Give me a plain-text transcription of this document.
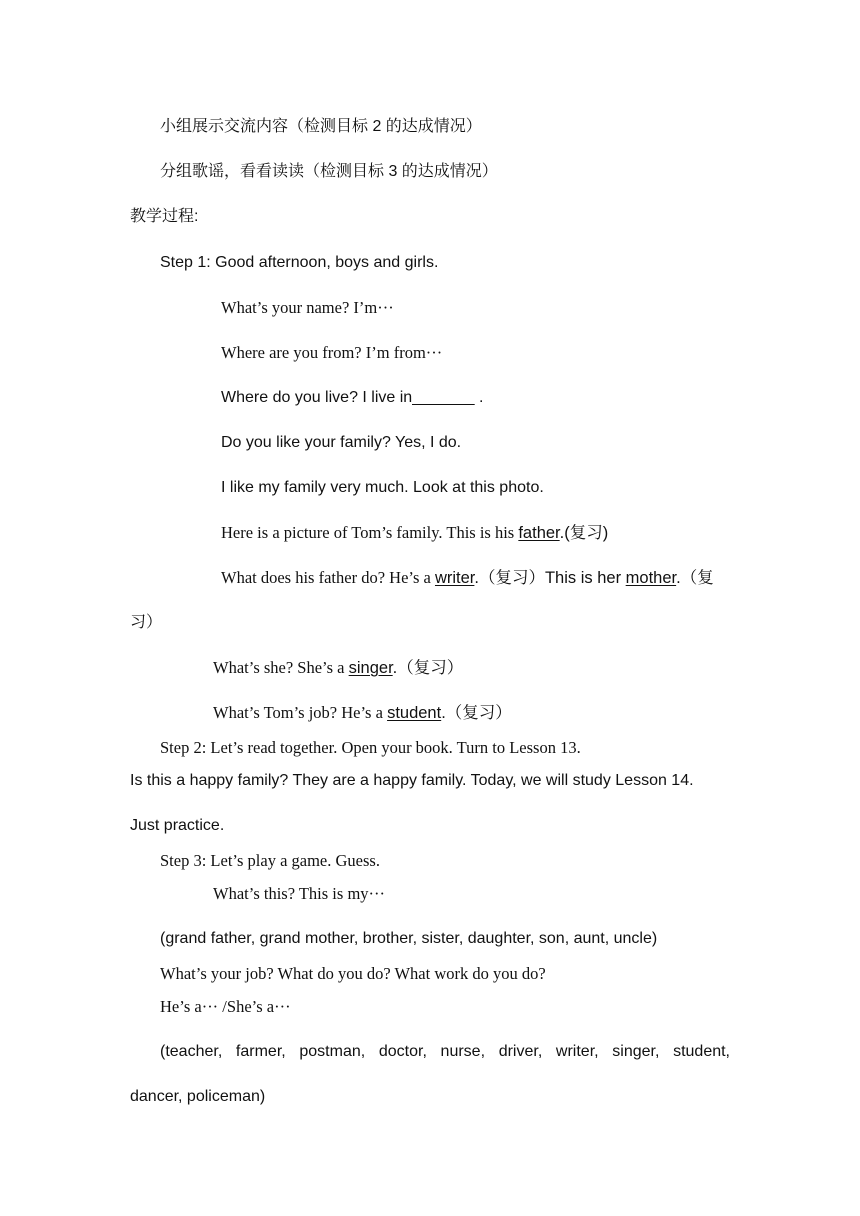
小组展示交流内容（检测目标 2 的达成情况）
分组歌谣，看看读读（检测目标 3 的达成情况）
教学过程:
Step 1: Good afternoon, boys and girls.
What’s your name? I’m···
Where are you from? I’m from···
Where do you live? I live in_______ .
Do you like your family? Yes, I do.
I like my family very much. Look at this photo.
Here is a picture of Tom’s family. This is his father.(复习)
What does his father do? He’s a writer.（复习）This is her mother.（复
习）
What’s she? She’s a singer.（复习）
What’s Tom’s job? He’s a student.（复习）
Step 2: Let’s read together. Open your book. Turn to Lesson 13.
Is this a happy family? They are a happy family. Today, we will study Lesson 14.
Just practice.
Step 3: Let’s play a game. Guess.
What’s this? This is my···
(grand father, grand mother, brother, sister, daughter, son, aunt, uncle)
What’s your job? What do you do? What work do you do?
He’s a··· /She’s a···
(teacher, farmer, postman, doctor, nurse, driver, writer, singer, student,
dancer, policeman)
